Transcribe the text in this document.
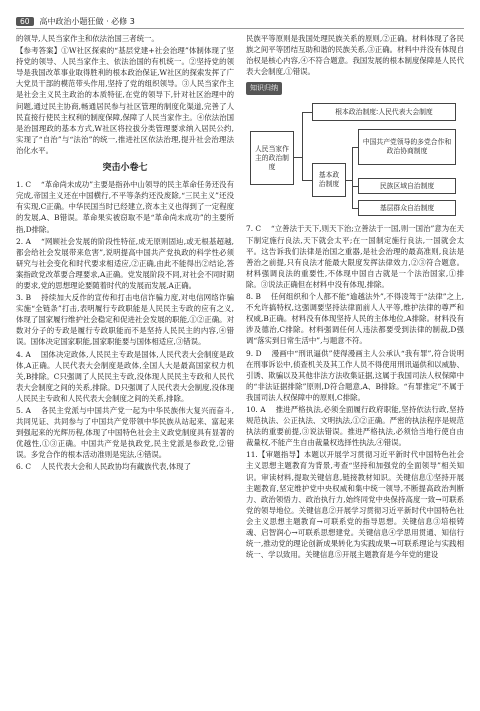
60	高中政治小题狂做 · 必修 3

的领导,人民当家作主和依法治国三者统一。

【参考答案】①W社区探索的“基层党建+社会治理”体制体现了坚持党的领导、人民当家作主、依法治国的有机统一。②坚持党的领导是我国改革事业取得胜利的根本政治保证,W社区的探索发挥了广大党员干部的模范带头作用,坚持了党的组织领导。③人民当家作主是社会主义民主政治的本质特征,在党的领导下,针对社区治理中的问题,通过民主协商,畅通居民参与社区管理的制度化渠道,完善了人民直接行使民主权利的制度保障,保障了人民当家作主。④依法治国是治国理政的基本方式,W社区将拉拔分类管理要求纳入居民公约,实现了“自治”与“法治”的统一,推进社区依法治理,提升社会治理法治化水平。

突击小卷七

1. C 　“革命尚未成功”主要是指孙中山领导的民主革命任务还没有完成,帝国主义还在中国横行,不平等条约还没废除,“三民主义”还没有实现,C正确。中华民国当时已经建立,资本主义也得到了一定程度的发展,A、B错误。革命果实被窃取不是“革命尚未成功”的主要所指,D排除。

2. A 　“网顾社会发展的阶段性特征,成无原则固辿,或无根基超越,都会给社会发展带来危害”,说明提高中国共产党执政的科学性必须研究与社会变化和时代要求相适应,②正确,由此不能得出②结论,答案指政党改革要合理要求,A正确。党发展阶段不同,对社会不同时期的要求,党的思想理论要随着时代的发展而发展,A正确。

3. B 　持续加大反作的宣传和打击电信诈骗力度,对电信网络诈骗实施“全链条”打击,表明履行专政职能是人民民主专政的应有之义,体现了国家履行维护社会稳定和促进社会发展的职能,①②正确。对数对分子的专政是履行专政职能而不是坚持人民民主的内容,④错误。国体决定国家职能,国家职能要与国体相适应,③错误。

4. A 　国体决定政体,人民民主专政是国体,人民代表大会制度是政体,A正确。人民代表大会制度是政体,全国人大是最高国家权力机关,B排除。C只强调了人民民主专政,没体现人民民主专政和人民代表大会制度之间的关系,排除。D只强调了人民代表大会制度,没体现人民民主专政和人民代表大会制度之间的关系,排除。

5. A 　各民主党派与中国共产党一起为中华民族伟大复兴而奋斗,共同见证、共同参与了中国共产党带领中华民族从站起来、富起来到强起来的光辉历程,体现了中国特色社会主义政党制度具有显著的优越性,①③正确。中国共产党是执政党,民主党派是参政党,②错误。多党合作的根本活动准则是宪法,④错误。

6. C 　人民代表大会和人民政协均有藏族代表,体现了

民族平等原则是我国处理民族关系的原则,②正确。材料体现了各民族之间平等团结互助和谐的民族关系,③正确。材料中并没有体现自治权是核心内容,④不符合题意。我国发展的根本制度保障是人民代表大会制度,①错误。

知识归纳
人民当家作主的政治制度
根本政治制度:人民代表大会制度
基本政治制度
中国共产党领导的多党合作和政治协商制度
民族区域自治制度
基层群众自治制度

7. C 　“立善法于天下,则天下治;立善法于一国,则一国治”意为在天下制定施行良法,天下就会太平;在一国制定施行良法,一国就会太平。这告诉我们法律是治国之重器,是社会治理的最高准则,良法是善治之前提,只有良法才能最大限度发挥法律效力,②③符合题意。材料强调良法的重要性,不体现中国自古就是一个法治国家,①排除。③说法正确但在材料中没有体现,排除。

8. B 　任何组织和个人都不能“逾越法外”,不得凌驾于“法律”之上,不允许搞特权,这强调要坚持法律面前人人平等,维护法律的尊严和权威,B正确。材料没有体现坚持人民的主体地位,A排除。材料没有涉及德治,C排除。材料强调任何人违法都要受到法律的制裁,D强调“落实到日常生活中”,与题意不符。

9. D 　漫画中“刑讯逼供”使得漫画主人公承认“我有罪”,符合说明在刑事诉讼中,侦查机关及其工作人员不得使用刑讯逼供和以威胁、引诱、欺骗以及其他非法方法收集证据,这属于我国司法人权保障中的“非法证据排除”原则,D符合题意,A、B排除。“有罪推定”不属于我国司法人权保障中的原则,C排除。

10. A 　推进严格执法,必须全面履行政府职能,坚持依法行政,坚持规范执法、公正执法、文明执法,①②正确。严密的执法程序是规范执法的重要前提,③说法错误。推进严格执法,必须恰当地行使自由裁量权,不能产生自由裁量权选择性执法,④错误。

11.【审题指导】本题以开展学习贯彻习近平新时代中国特色社会主义思想主题教育为背景,考查“坚持和加强党的全面领导”相关知识。审读材料,提取关键信息,链接教材知识。关键信息①坚持开展主题教育,坚定维护党中央权威和集中统一领导,不断提高政治判断力、政治领悟力、政治执行力,始终同党中央保持高度一致→可联系党的领导地位。关键信息②开展学习贯彻习近平新时代中国特色社会主义思想主题教育→可联系党的指导思想。关键信息③培根铸魂、启智润心→可联系思想建党。关键信息④学思用贯通、知信行统一,推动党的理论创新成果转化为实践成果→可联系理论与实践相统一、学以致用。关键信息⑤开展主题教育是今年党的建设
